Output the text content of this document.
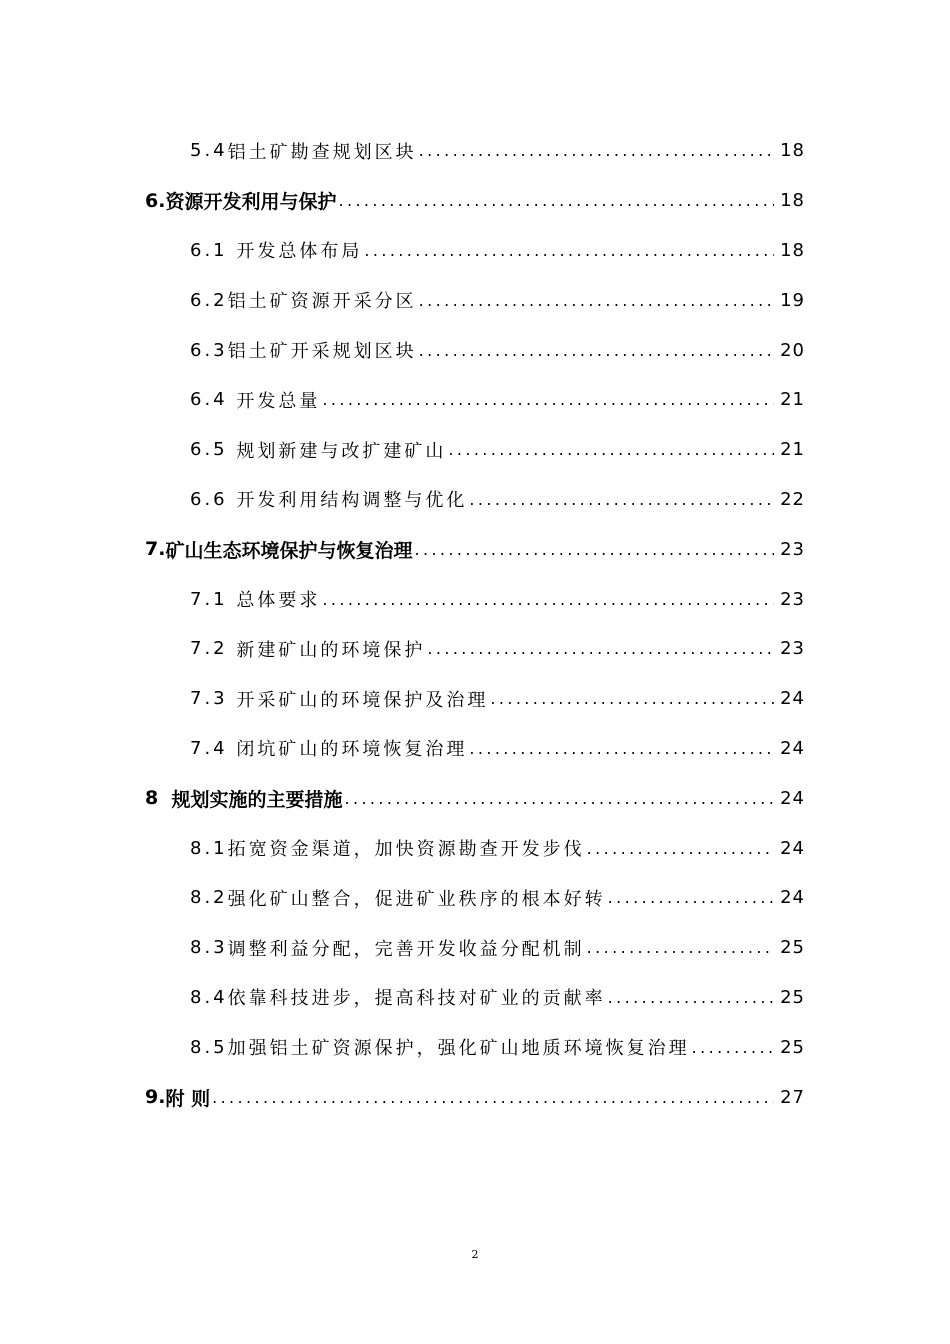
5.4 铝土矿勘查规划区块 .....	18
6. 资源开发利用与保护 .....	18
6.1 开发总体布局 .....	18
6.2 铝土矿资源开采分区 .....	19
6.3 铝土矿开采规划区块 .....	20
6.4 开发总量 .....	21
6.5 规划新建与改扩建矿山 .....	21
6.6 开发利用结构调整与优化 .....	22
7. 矿山生态环境保护与恢复治理 .....	23
7.1 总体要求 .....	23
7.2 新建矿山的环境保护 .....	23
7.3 开采矿山的环境保护及治理 .....	24
7.4 闭坑矿山的环境恢复治理 .....	24
8 规划实施的主要措施 .....	24
8.1 拓宽资金渠道，加快资源勘查开发步伐 .....	24
8.2 强化矿山整合，促进矿业秩序的根本好转 .....	24
8.3 调整利益分配，完善开发收益分配机制 .....	25
8.4 依靠科技进步，提高科技对矿业的贡献率 .....	25
8.5 加强铝土矿资源保护，强化矿山地质环境恢复治理 .....	25
9. 附 则 .....	27
2
